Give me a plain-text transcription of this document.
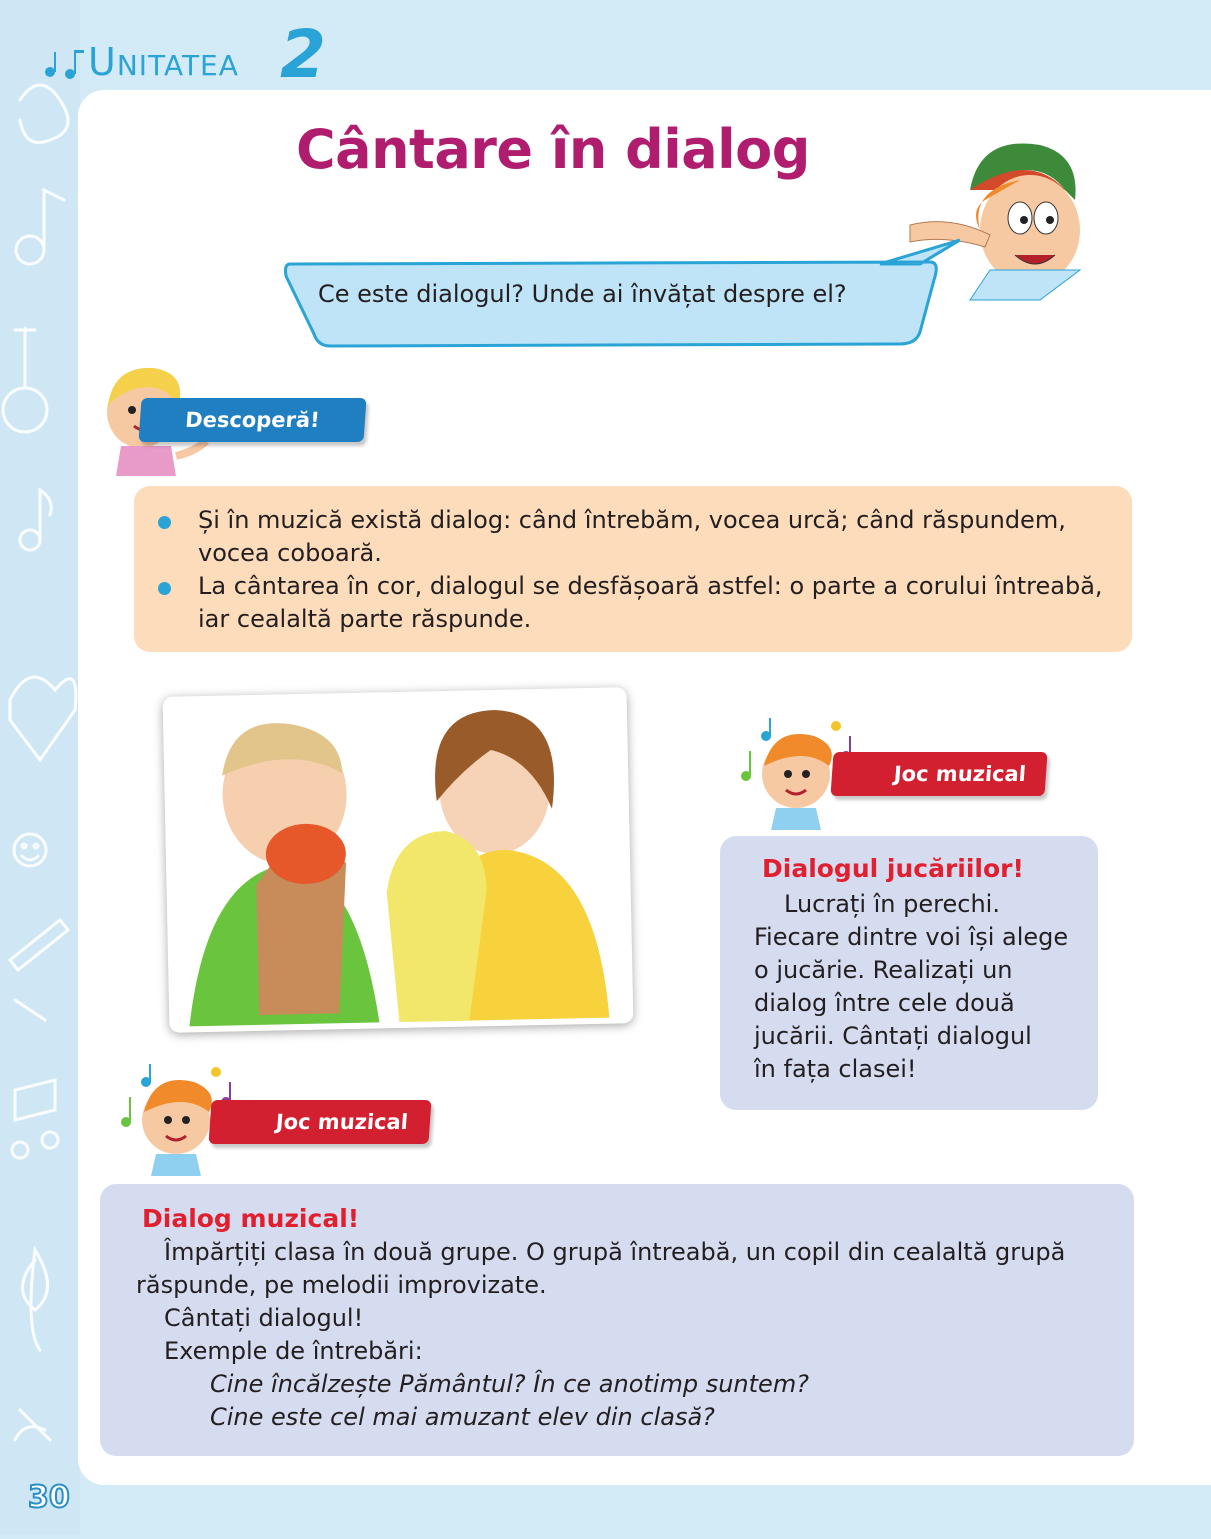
UNITATEA 2
Cântare în dialog
Ce este dialogul? Unde ai învățat despre el?
Descoperă!
Și în muzică există dialog: când întrebăm, vocea urcă; când răspundem,
vocea coboară.
La cântarea în cor, dialogul se desfășoară astfel: o parte a corului întreabă,
iar cealaltă parte răspunde.
Joc muzical
Dialogul jucăriilor!
Lucrați în perechi.
Fiecare dintre voi își alege
o jucărie. Realizați un
dialog între cele două
jucării. Cântați dialogul
în fața clasei!
Joc muzical
Dialog muzical!
Împărțiți clasa în două grupe. O grupă întreabă, un copil din cealaltă grupă
răspunde, pe melodii improvizate.
Cântați dialogul!
Exemple de întrebări:
Cine încălzește Pământul? În ce anotimp suntem?
Cine este cel mai amuzant elev din clasă?
30
